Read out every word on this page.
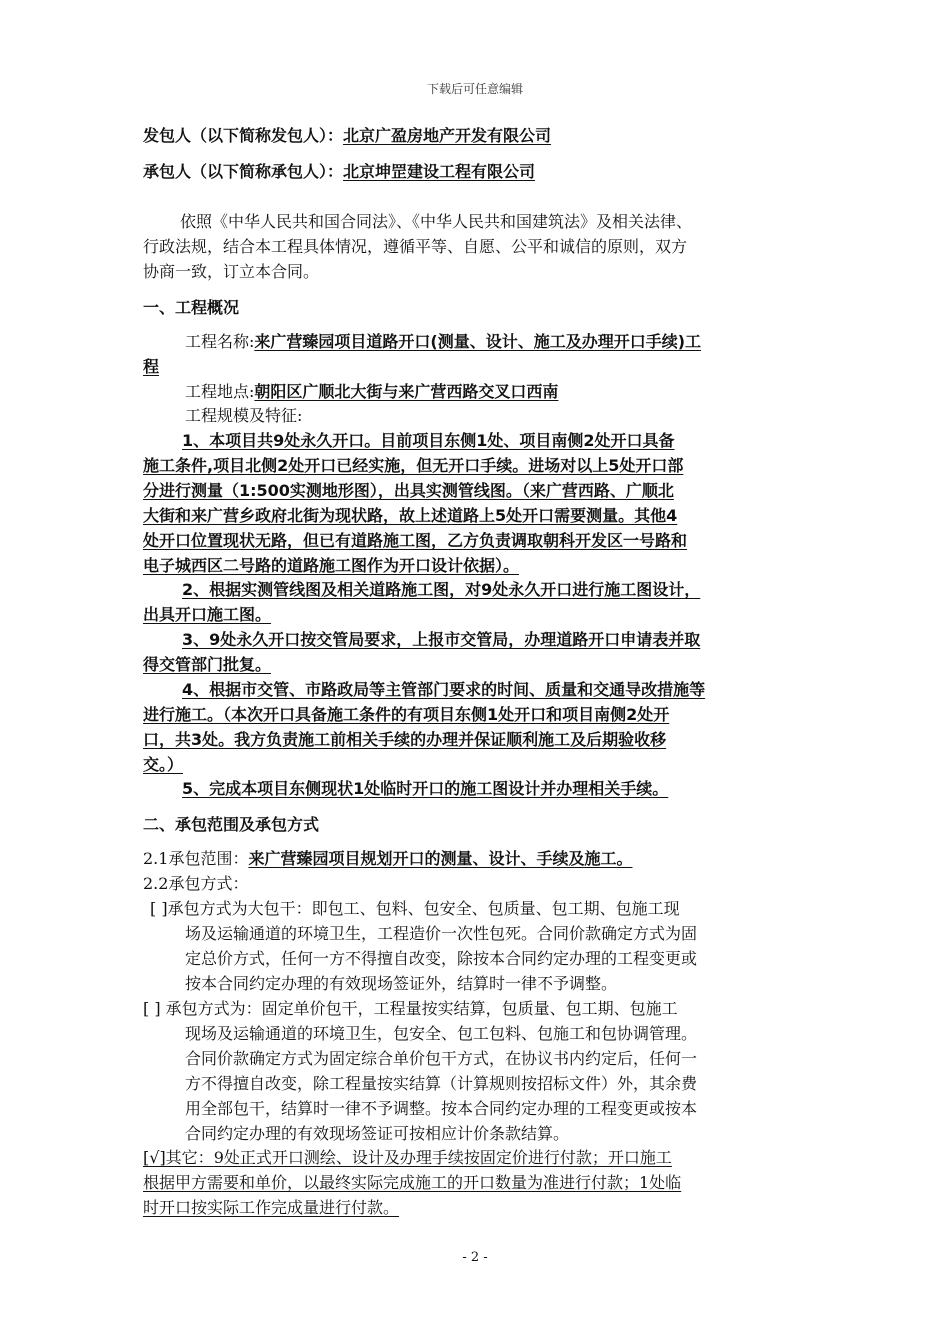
下载后可任意编辑
发包人（以下简称发包人）：北京广盈房地产开发有限公司
承包人（以下简称承包人）：北京坤罡建设工程有限公司
依照《中华人民共和国合同法》、《中华人民共和国建筑法》及相关法律、
行政法规，结合本工程具体情况，遵循平等、自愿、公平和诚信的原则，双方
协商一致，订立本合同。
一、工程概况
工程名称:来广营臻园项目道路开口(测量、设计、施工及办理开口手续)工
程
工程地点:朝阳区广顺北大街与来广营西路交叉口西南
工程规模及特征:
1、本项目共9处永久开口。目前项目东侧1处、项目南侧2处开口具备
施工条件,项目北侧2处开口已经实施，但无开口手续。进场对以上5处开口部
分进行测量（1:500实测地形图），出具实测管线图。（来广营西路、广顺北
大街和来广营乡政府北街为现状路，故上述道路上5处开口需要测量。其他4
处开口位置现状无路，但已有道路施工图，乙方负责调取朝科开发区一号路和
电子城西区二号路的道路施工图作为开口设计依据）。
2、根据实测管线图及相关道路施工图，对9处永久开口进行施工图设计，
出具开口施工图。
3、9处永久开口按交管局要求，上报市交管局，办理道路开口申请表并取
得交管部门批复。
4、根据市交管、市路政局等主管部门要求的时间、质量和交通导改措施等
进行施工。（本次开口具备施工条件的有项目东侧1处开口和项目南侧2处开
口，共3处。我方负责施工前相关手续的办理并保证顺利施工及后期验收移
交。）
5、完成本项目东侧现状1处临时开口的施工图设计并办理相关手续。
二、承包范围及承包方式
2.1承包范围：来广营臻园项目规划开口的测量、设计、手续及施工。
2.2承包方式：
[ ]承包方式为大包干：即包工、包料、包安全、包质量、包工期、包施工现
场及运输通道的环境卫生，工程造价一次性包死。合同价款确定方式为固
定总价方式，任何一方不得擅自改变，除按本合同约定办理的工程变更或
按本合同约定办理的有效现场签证外，结算时一律不予调整。
[ ] 承包方式为：固定单价包干，工程量按实结算，包质量、包工期、包施工
现场及运输通道的环境卫生，包安全、包工包料、包施工和包协调管理。
合同价款确定方式为固定综合单价包干方式，在协议书内约定后，任何一
方不得擅自改变，除工程量按实结算（计算规则按招标文件）外，其余费
用全部包干，结算时一律不予调整。按本合同约定办理的工程变更或按本
合同约定办理的有效现场签证可按相应计价条款结算。
[√]其它：9处正式开口测绘、设计及办理手续按固定价进行付款；开口施工
根据甲方需要和单价，以最终实际完成施工的开口数量为准进行付款；1处临
时开口按实际工作完成量进行付款。
- 2 -
